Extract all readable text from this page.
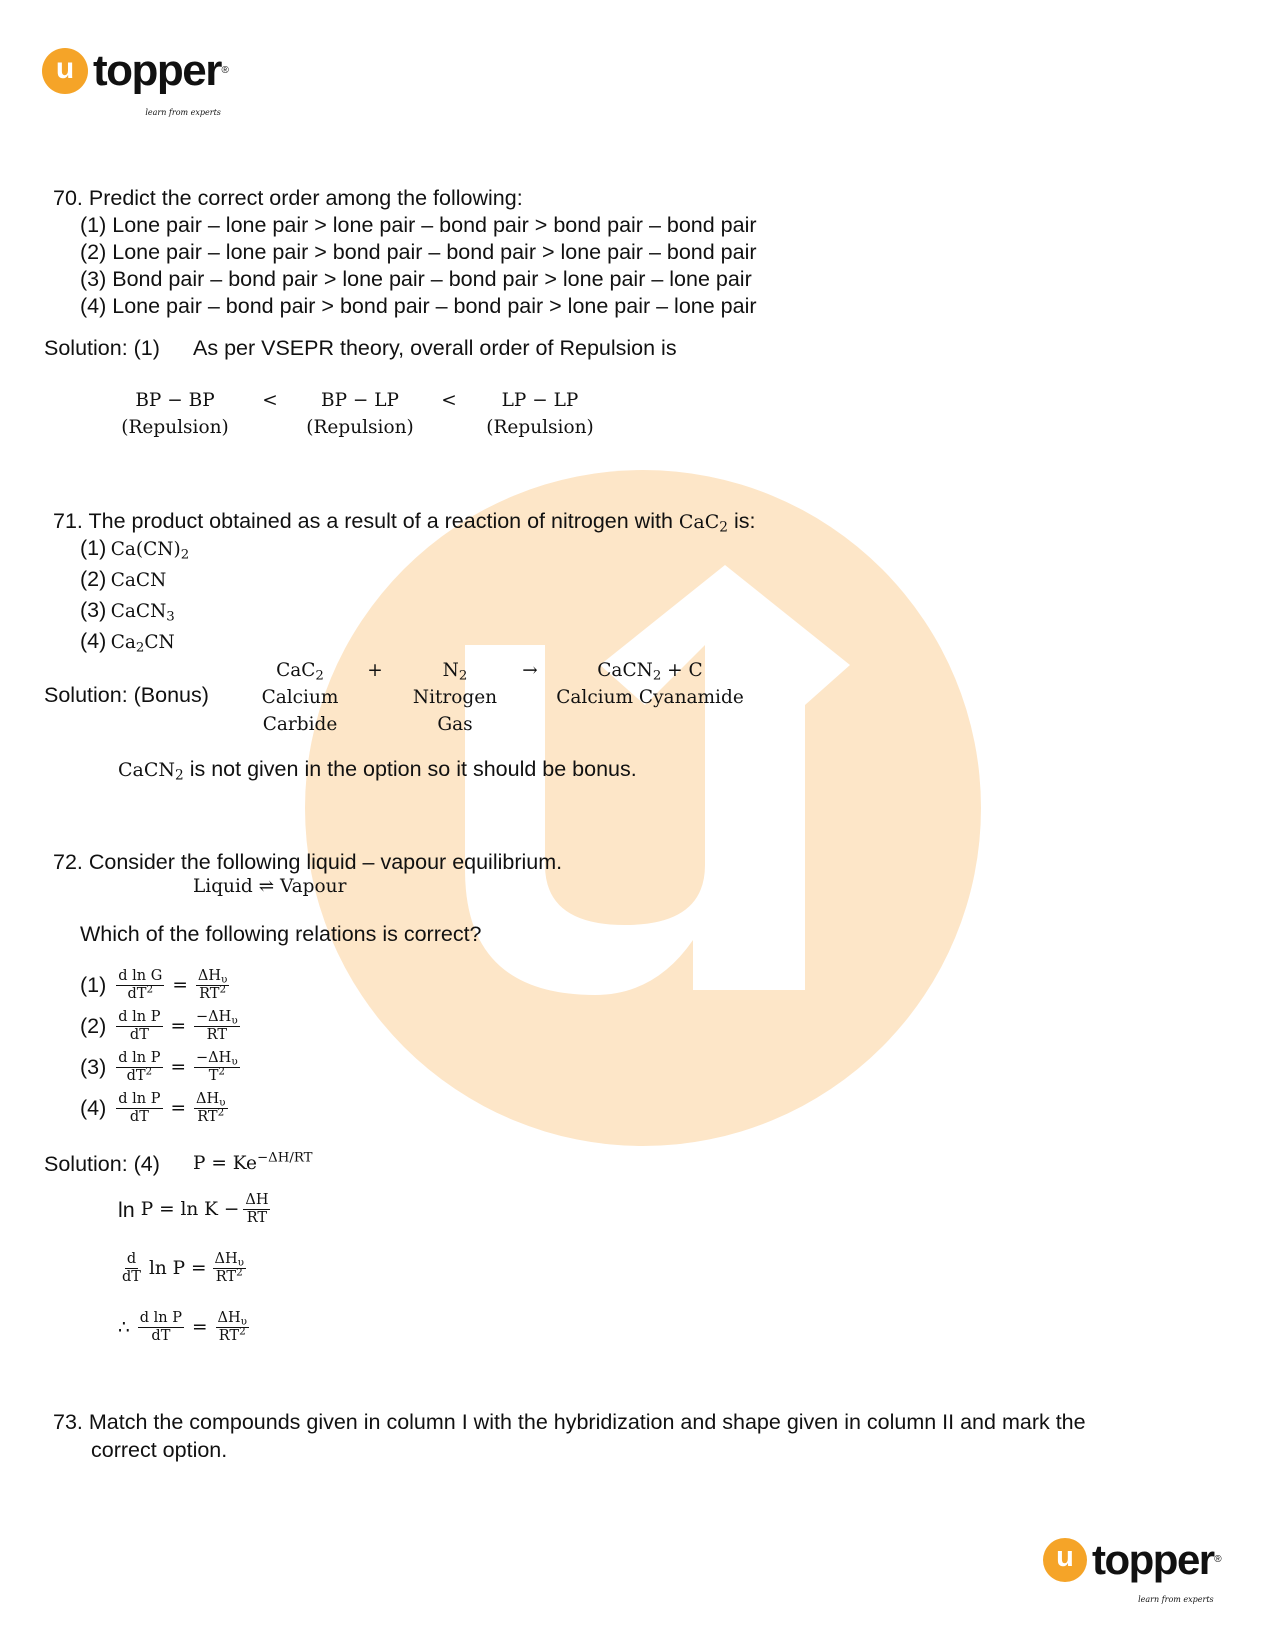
u topper ®
learn from experts
70. Predict the correct order among the following:
(1) Lone pair – lone pair > lone pair – bond pair > bond pair – bond pair
(2) Lone pair – lone pair > bond pair – bond pair > lone pair – bond pair
(3) Bond pair – bond pair > lone pair – bond pair > lone pair – lone pair
(4) Lone pair – bond pair > bond pair – bond pair > lone pair – lone pair
Solution: (1) As per VSEPR theory, overall order of Repulsion is
BP − BP
(Repulsion)
<	BP − LP
(Repulsion)
<	LP − LP
(Repulsion)
71. The product obtained as a result of a reaction of nitrogen with CaC$_2$ is:
(1) $Ca(CN)_2$
(2) CaCN
(3) CaCN$_3$
(4) $Ca_2CN$
Solution: (Bonus)
CaC$_2$
Calcium
Carbide
+	$N_2$
Nitrogen
Gas
→	CaCN$_2$ + C
Calcium Cyanamide
CaCN$_2$ is not given in the option so it should be bonus.
72. Consider the following liquid – vapour equilibrium.
Liquid ⇌ Vapour
Which of the following relations is correct?
$(1) \frac{\text{d ln G}}{dT^2} = \frac{\Delta H_\upsilon}{RT^2}$
$(2) \frac{\text{d ln P}}{dT} = \frac{-\Delta H_\upsilon}{RT}$
$(3) \frac{\text{d ln P}}{dT^2} = \frac{-\Delta H_\upsilon}{T^2}$
$(4) \frac{\text{d ln P}}{dT} = \frac{\Delta H_\upsilon}{RT^2}$
Solution: (4) $P = Ke^{-\Delta H/RT}$
$\ln P = \ln K - \frac{\Delta H}{RT}$
$\frac{d}{dT}$ $\ln P = \frac{\Delta H_\upsilon}{RT^2}$
∴ $\frac{\text{d ln P}}{dT} = \frac{\Delta H_\upsilon}{RT^2}$
73. Match the compounds given in column I with the hybridization and shape given in column II and mark the
correct option.
u topper ®
learn from experts
